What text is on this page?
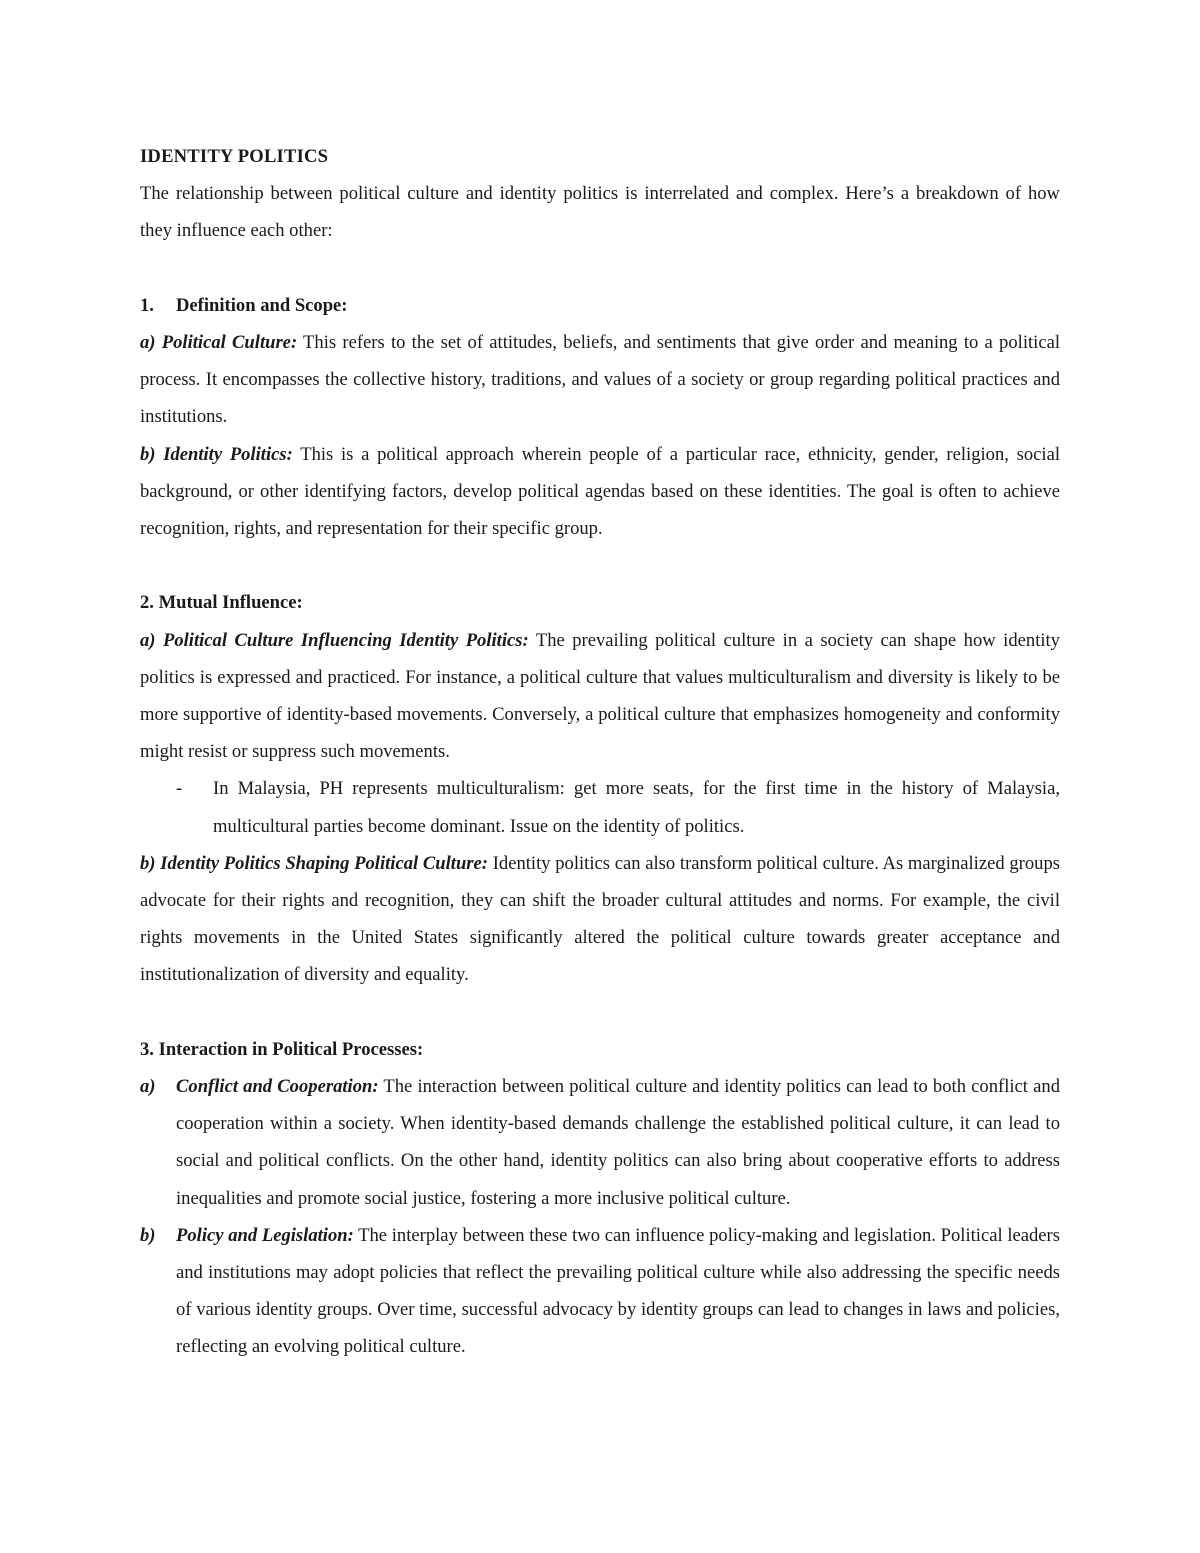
IDENTITY POLITICS

The relationship between political culture and identity politics is interrelated and complex. Here’s a breakdown of how they influence each other:

1. Definition and Scope:

a) Political Culture: This refers to the set of attitudes, beliefs, and sentiments that give order and meaning to a political process. It encompasses the collective history, traditions, and values of a society or group regarding political practices and institutions.

b) Identity Politics: This is a political approach wherein people of a particular race, ethnicity, gender, religion, social background, or other identifying factors, develop political agendas based on these identities. The goal is often to achieve recognition, rights, and representation for their specific group.

2. Mutual Influence:

a) Political Culture Influencing Identity Politics: The prevailing political culture in a society can shape how identity politics is expressed and practiced. For instance, a political culture that values multiculturalism and diversity is likely to be more supportive of identity-based movements. Conversely, a political culture that emphasizes homogeneity and conformity might resist or suppress such movements.

- In Malaysia, PH represents multiculturalism: get more seats, for the first time in the history of Malaysia, multicultural parties become dominant. Issue on the identity of politics.

b) Identity Politics Shaping Political Culture: Identity politics can also transform political culture. As marginalized groups advocate for their rights and recognition, they can shift the broader cultural attitudes and norms. For example, the civil rights movements in the United States significantly altered the political culture towards greater acceptance and institutionalization of diversity and equality.

3. Interaction in Political Processes:

a) Conflict and Cooperation: The interaction between political culture and identity politics can lead to both conflict and cooperation within a society. When identity-based demands challenge the established political culture, it can lead to social and political conflicts. On the other hand, identity politics can also bring about cooperative efforts to address inequalities and promote social justice, fostering a more inclusive political culture.

b) Policy and Legislation: The interplay between these two can influence policy-making and legislation. Political leaders and institutions may adopt policies that reflect the prevailing political culture while also addressing the specific needs of various identity groups. Over time, successful advocacy by identity groups can lead to changes in laws and policies, reflecting an evolving political culture.
